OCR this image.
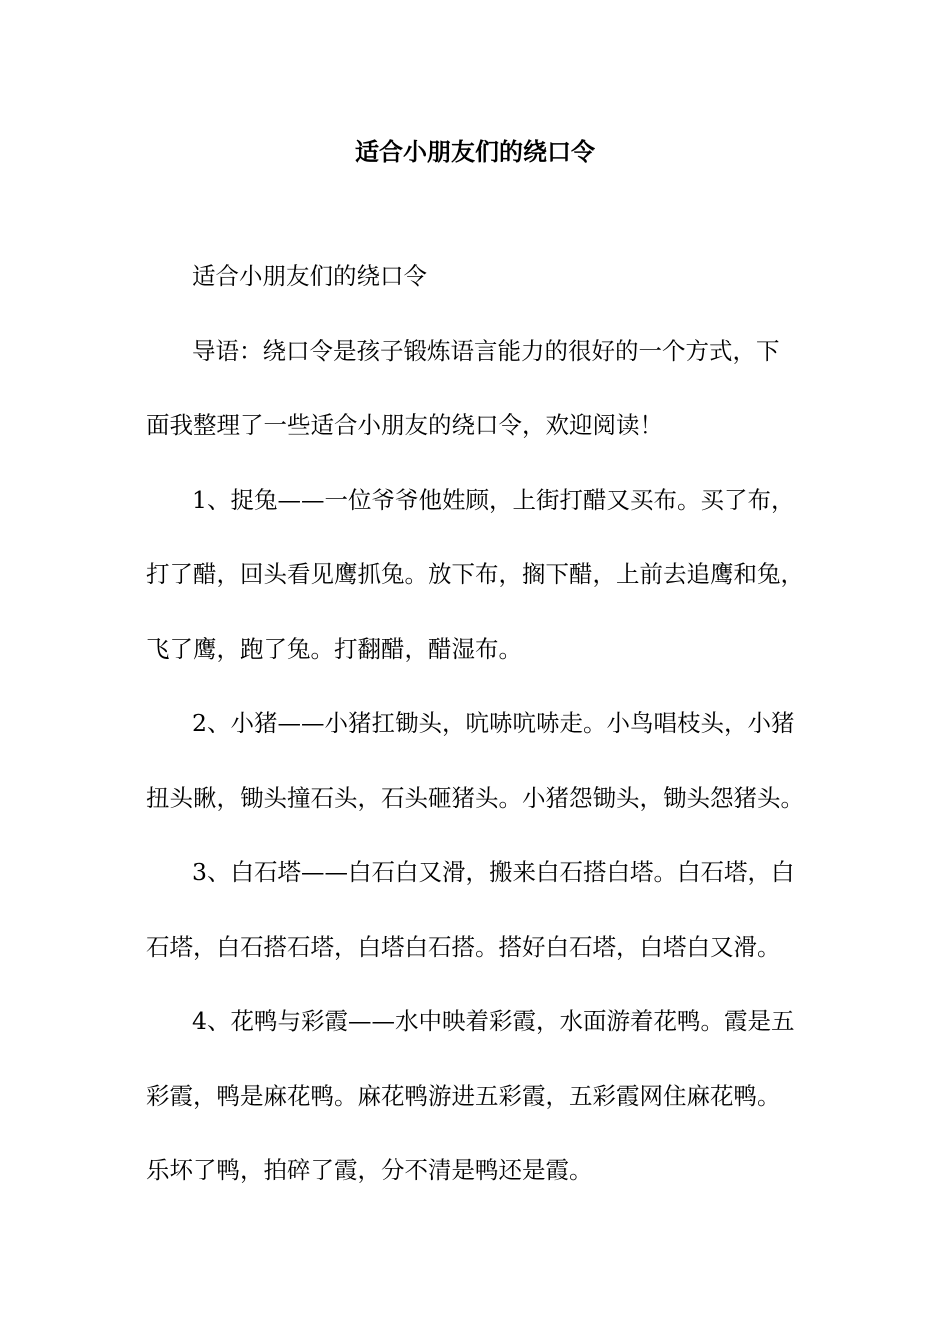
适合小朋友们的绕口令
适合小朋友们的绕口令
导语：绕口令是孩子锻炼语言能力的很好的一个方式，下
面我整理了一些适合小朋友的绕口令，欢迎阅读！
1、捉兔——一位爷爷他姓顾，上街打醋又买布。买了布，
打了醋，回头看见鹰抓兔。放下布，搁下醋，上前去追鹰和兔，
飞了鹰，跑了兔。打翻醋，醋湿布。
2、小猪——小猪扛锄头，吭哧吭哧走。小鸟唱枝头，小猪
扭头瞅，锄头撞石头，石头砸猪头。小猪怨锄头，锄头怨猪头。
3、白石塔——白石白又滑，搬来白石搭白塔。白石塔，白
石塔，白石搭石塔，白塔白石搭。搭好白石塔，白塔白又滑。
4、花鸭与彩霞——水中映着彩霞，水面游着花鸭。霞是五
彩霞，鸭是麻花鸭。麻花鸭游进五彩霞，五彩霞网住麻花鸭。
乐坏了鸭，拍碎了霞，分不清是鸭还是霞。
